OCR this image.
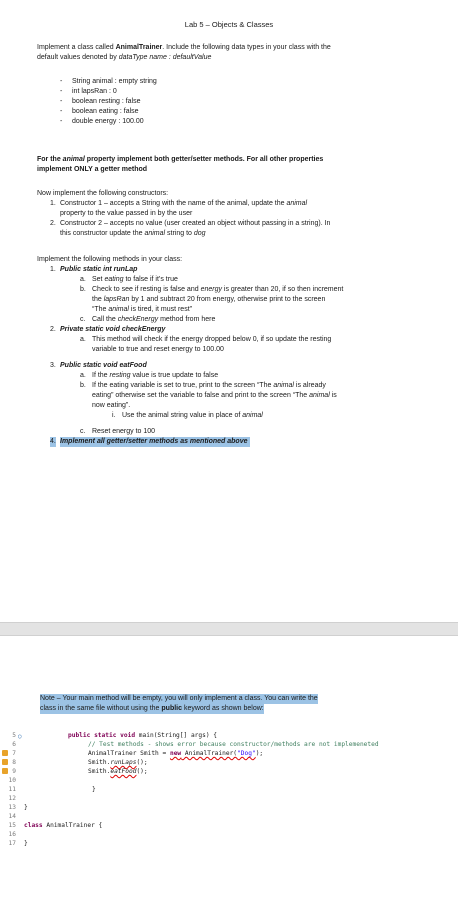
Lab 5 – Objects & Classes
Implement a class called AnimalTrainer. Include the following data types in your class with the
default values denoted by dataType name : defaultValue
- String animal : empty string
- int lapsRan : 0
- boolean resting : false
- boolean eating : false
- double energy : 100.00
For the animal property implement both getter/setter methods. For all other properties
implement ONLY a getter method
Now implement the following constructors:
1. Constructor 1 – accepts a String with the name of the animal, update the animal
property to the value passed in by the user
2. Constructor 2 – accepts no value (user created an object without passing in a string). In
this constructor update the animal string to dog
Implement the following methods in your class:
1. Public static int runLap
a. Set eating to false if it’s true
b. Check to see if resting is false and energy is greater than 20, if so then increment
the lapsRan by 1 and subtract 20 from energy, otherwise print to the screen
“The animal is tired, it must rest”
c. Call the checkEnergy method from here
2. Private static void checkEnergy
a. This method will check if the energy dropped below 0, if so update the resting
variable to true and reset energy to 100.00
3. Public static void eatFood
a. If the resting value is true update to false
b. If the eating variable is set to true, print to the screen “The animal is already
eating” otherwise set the variable to false and print to the screen “The animal is
now eating”.
i. Use the animal string value in place of animal
c. Reset energy to 100
4. Implement all getter/setter methods as mentioned above
Note – Your main method will be empty, you will only implement a class. You can write the
class in the same file without using the public keyword as shown below:

5

6

7

8

9

10

11

12

13

14

15

16

17

○

	public static void main(String[] args) {

// Test methods - shows error because constructor/methods are not implemeneted

AnimalTrainer Smith = new AnimalTrainer("Dog");

Smith.runLaps();

Smith.eatFood();

}

}

class AnimalTrainer {

}
